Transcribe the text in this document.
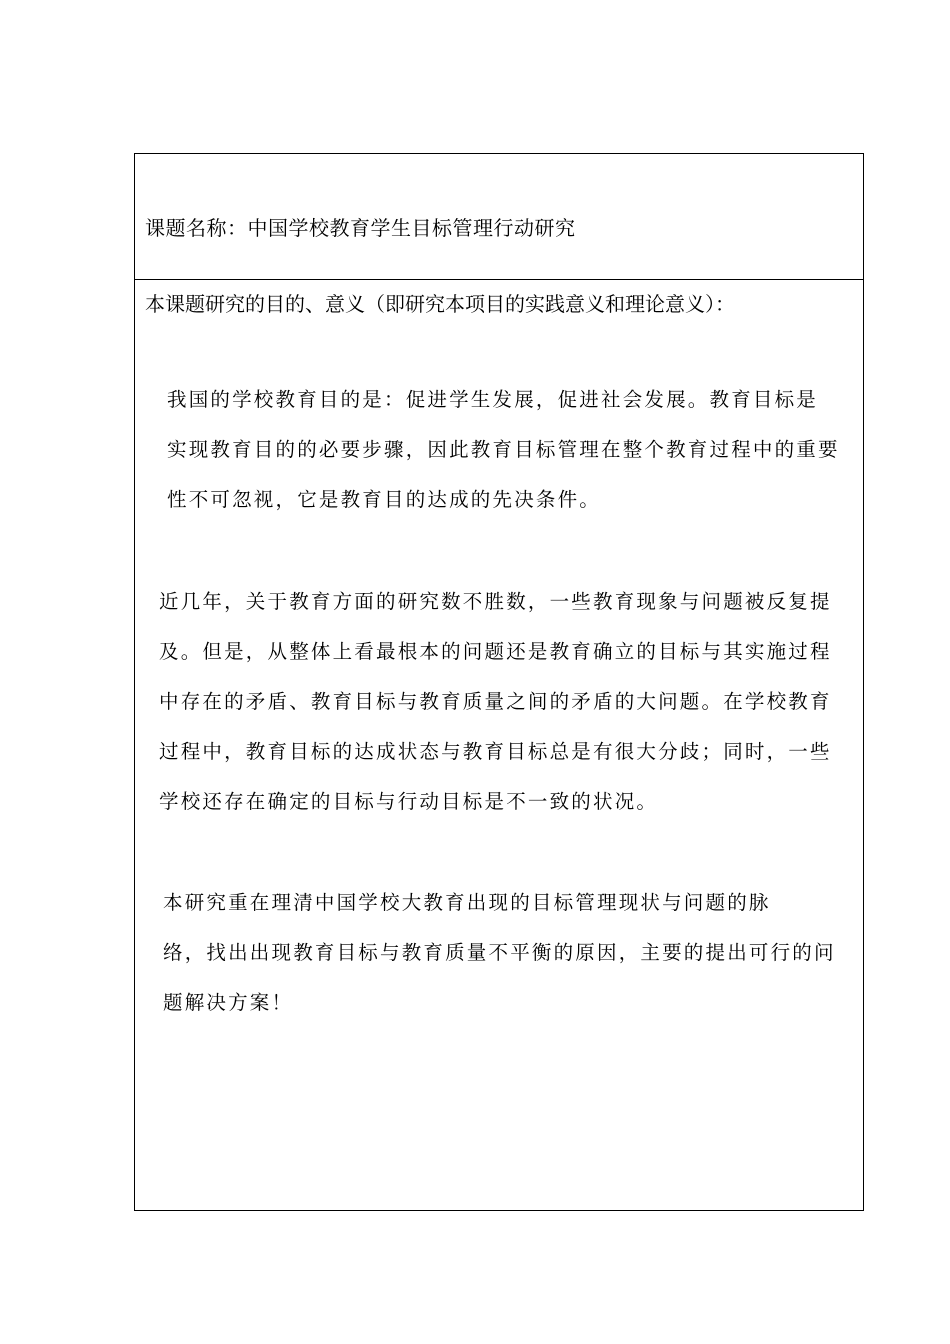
课题名称：中国学校教育学生目标管理行动研究
本课题研究的目的、意义（即研究本项目的实践意义和理论意义）：

我国的学校教育目的是：促进学生发展，促进社会发展。教育目标是
实现教育目的的必要步骤，因此教育目标管理在整个教育过程中的重要
性不可忽视，它是教育目的达成的先决条件。

近几年，关于教育方面的研究数不胜数，一些教育现象与问题被反复提
及。但是，从整体上看最根本的问题还是教育确立的目标与其实施过程
中存在的矛盾、教育目标与教育质量之间的矛盾的大问题。在学校教育
过程中，教育目标的达成状态与教育目标总是有很大分歧；同时，一些
学校还存在确定的目标与行动目标是不一致的状况。

本研究重在理清中国学校大教育出现的目标管理现状与问题的脉
络，找出出现教育目标与教育质量不平衡的原因，主要的提出可行的问
题解决方案！
